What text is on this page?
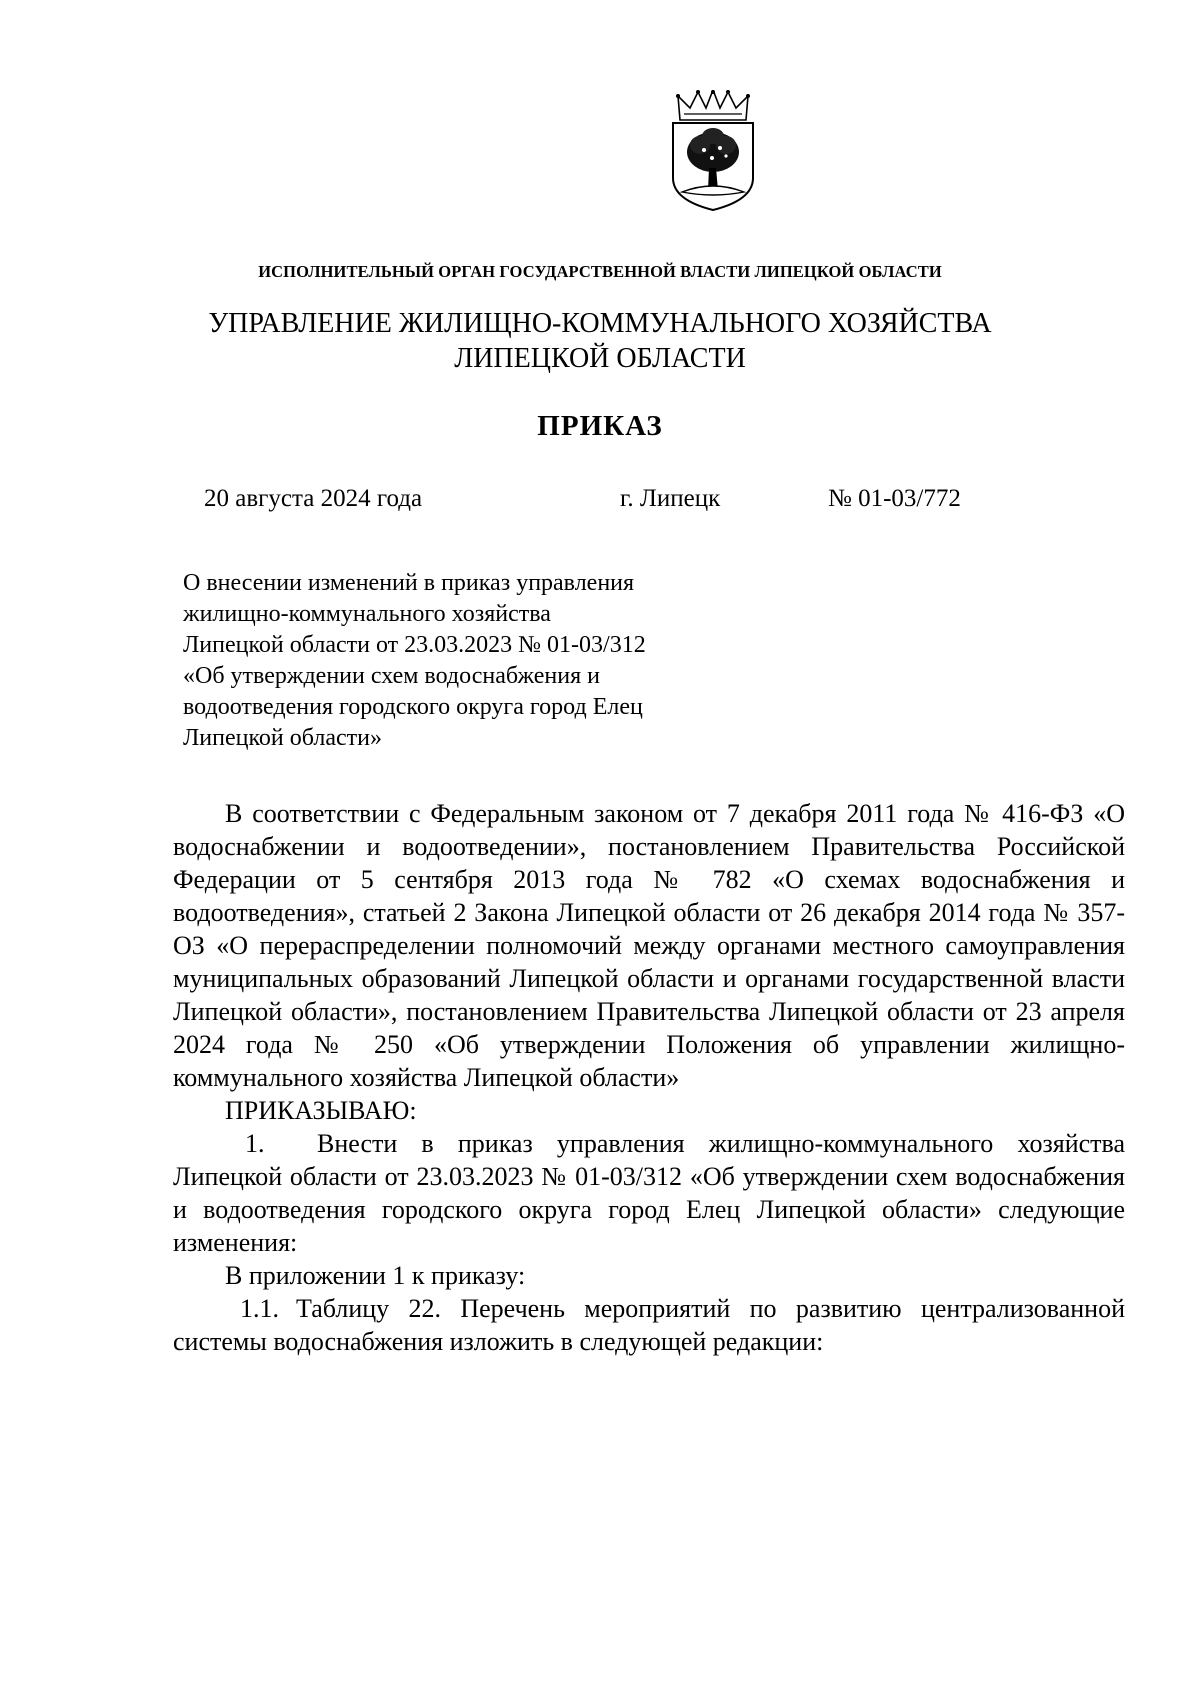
ИСПОЛНИТЕЛЬНЫЙ ОРГАН ГОСУДАРСТВЕННОЙ ВЛАСТИ ЛИПЕЦКОЙ ОБЛАСТИ
УПРАВЛЕНИЕ ЖИЛИЩНО-КОММУНАЛЬНОГО ХОЗЯЙСТВА
ЛИПЕЦКОЙ ОБЛАСТИ
ПРИКАЗ
20 августа 2024 года	г. Липецк	№ 01-03/772
О внесении изменений в приказ управления
жилищно-коммунального хозяйства
Липецкой области от 23.03.2023 № 01-03/312
«Об утверждении схем водоснабжения и
водоотведения городского округа город Елец
Липецкой области»

В соответствии с Федеральным законом от 7 декабря 2011 года № 416-ФЗ «О водоснабжении и водоотведении», постановлением Правительства Российской Федерации от 5 сентября 2013 года № 782 «О схемах водоснабжения и водоотведения», статьей 2 Закона Липецкой области от 26 декабря 2014 года № 357-ОЗ «О перераспределении полномочий между органами местного самоуправления муниципальных образований Липецкой области и органами государственной власти Липецкой области», постановлением Правительства Липецкой области от 23 апреля 2024 года № 250 «Об утверждении Положения об управлении жилищно-коммунального хозяйства Липецкой области»

ПРИКАЗЫВАЮ:

1. Внести в приказ управления жилищно-коммунального хозяйства Липецкой области от 23.03.2023 № 01-03/312 «Об утверждении схем водоснабжения и водоотведения городского округа город Елец Липецкой области» следующие изменения:

В приложении 1 к приказу:

1.1. Таблицу 22. Перечень мероприятий по развитию централизованной системы водоснабжения изложить в следующей редакции:
